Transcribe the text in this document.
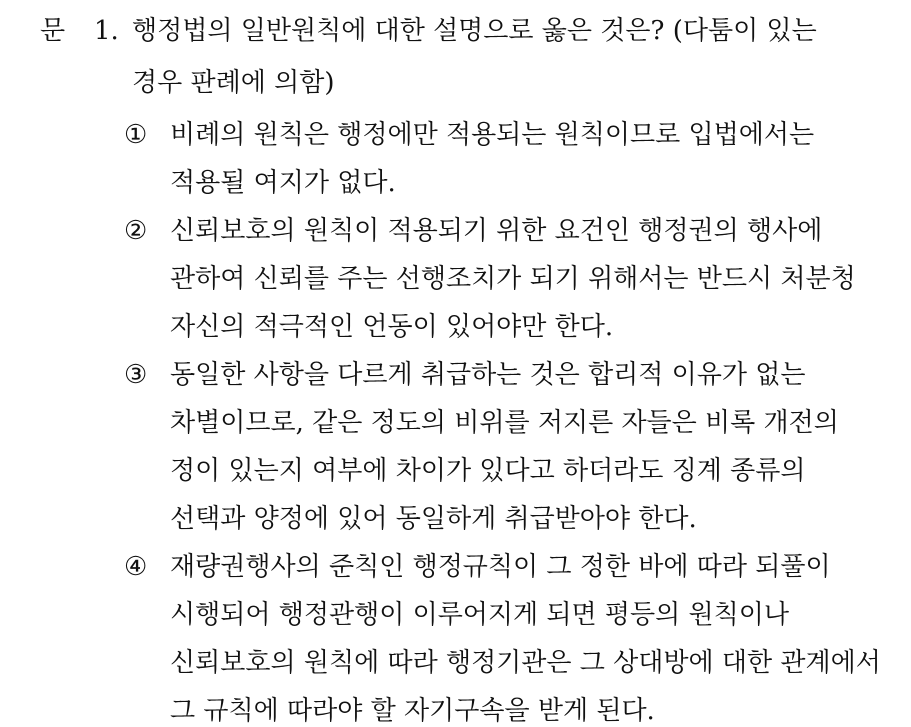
문 1. 행정법의 일반원칙에 대한 설명으로 옳은 것은? (다툼이 있는
경우 판례에 의함)
① 비례의 원칙은 행정에만 적용되는 원칙이므로 입법에서는
적용될 여지가 없다.
② 신뢰보호의 원칙이 적용되기 위한 요건인 행정권의 행사에
관하여 신뢰를 주는 선행조치가 되기 위해서는 반드시 처분청
자신의 적극적인 언동이 있어야만 한다.
③ 동일한 사항을 다르게 취급하는 것은 합리적 이유가 없는
차별이므로, 같은 정도의 비위를 저지른 자들은 비록 개전의
정이 있는지 여부에 차이가 있다고 하더라도 징계 종류의
선택과 양정에 있어 동일하게 취급받아야 한다.
④ 재량권행사의 준칙인 행정규칙이 그 정한 바에 따라 되풀이
시행되어 행정관행이 이루어지게 되면 평등의 원칙이나
신뢰보호의 원칙에 따라 행정기관은 그 상대방에 대한 관계에서
그 규칙에 따라야 할 자기구속을 받게 된다.
